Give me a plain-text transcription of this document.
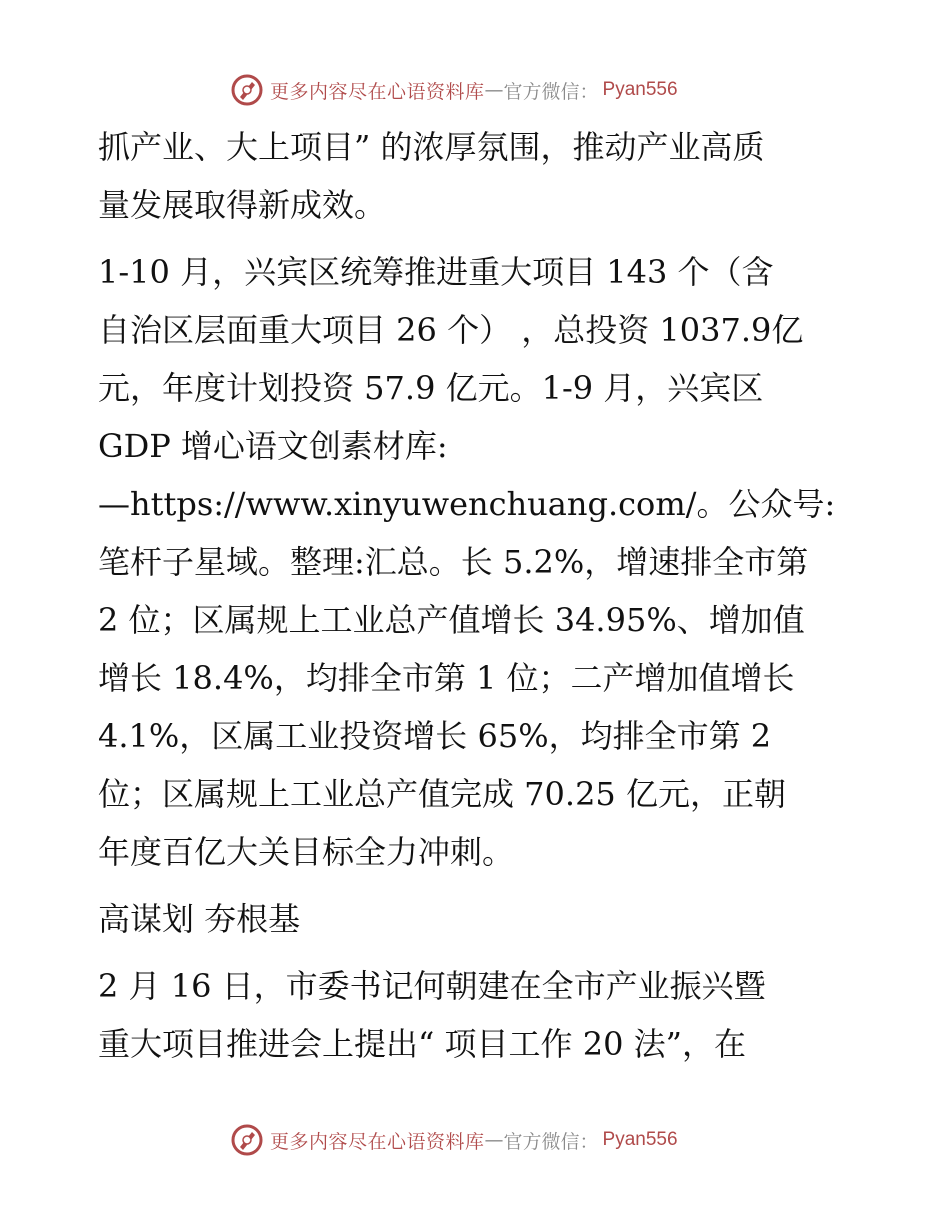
更多内容尽在心语资料库 — 官方微信： Pyan556

抓产业、大上项目” 的浓厚氛围，推动产业高质
量发展取得新成效。

1-10 月，兴宾区统筹推进重大项目 143 个（含
自治区层面重大项目 26 个） ，总投资 1037.9亿
元，年度计划投资 57.9 亿元。1-9 月，兴宾区
GDP 增心语文创素材库:
—https://www.xinyuwenchuang.com/。公众号:
笔杆子星域。整理:汇总。长 5.2%，增速排全市第
2 位；区属规上工业总产值增长 34.95%、增加值
增长 18.4%，均排全市第 1 位；二产增加值增长
4.1%，区属工业投资增长 65%，均排全市第 2
位；区属规上工业总产值完成 70.25 亿元，正朝
年度百亿大关目标全力冲刺。

高谋划 夯根基

2 月 16 日，市委书记何朝建在全市产业振兴暨
重大项目推进会上提出“ 项目工作 20 法”，在

更多内容尽在心语资料库 — 官方微信： Pyan556
